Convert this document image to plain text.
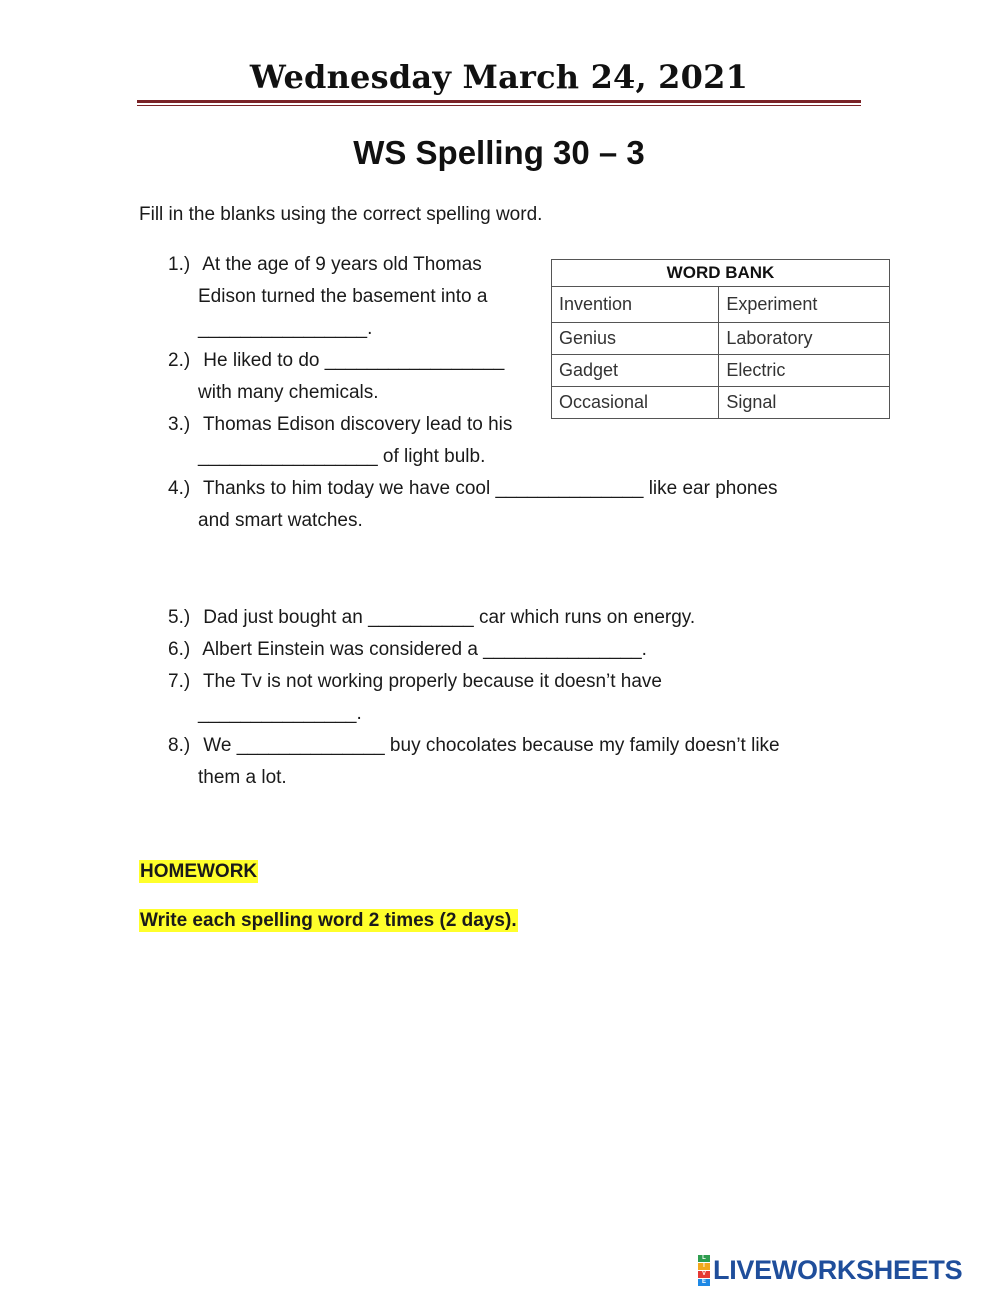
Wednesday March 24, 2021
WS Spelling 30 – 3
Fill in the blanks using the correct spelling word.
1.) At the age of 9 years old Thomas
Edison turned the basement into a
________________.
2.) He liked to do _________________
with many chemicals.
3.) Thomas Edison discovery lead to his
_________________ of light bulb.
4.) Thanks to him today we have cool ______________ like ear phones
and smart watches.
5.) Dad just bought an __________ car which runs on energy.
6.) Albert Einstein was considered a _______________.
7.) The Tv is not working properly because it doesn’t have
_______________.
8.) We ______________ buy chocolates because my family doesn’t like
them a lot.
WORD BANK	
Invention	Experiment
Genius	Laboratory
Gadget	Electric
Occasional	Signal
HOMEWORK
Write each spelling word 2 times (2 days).
L
I
V
E LIVEWORKSHEETS
